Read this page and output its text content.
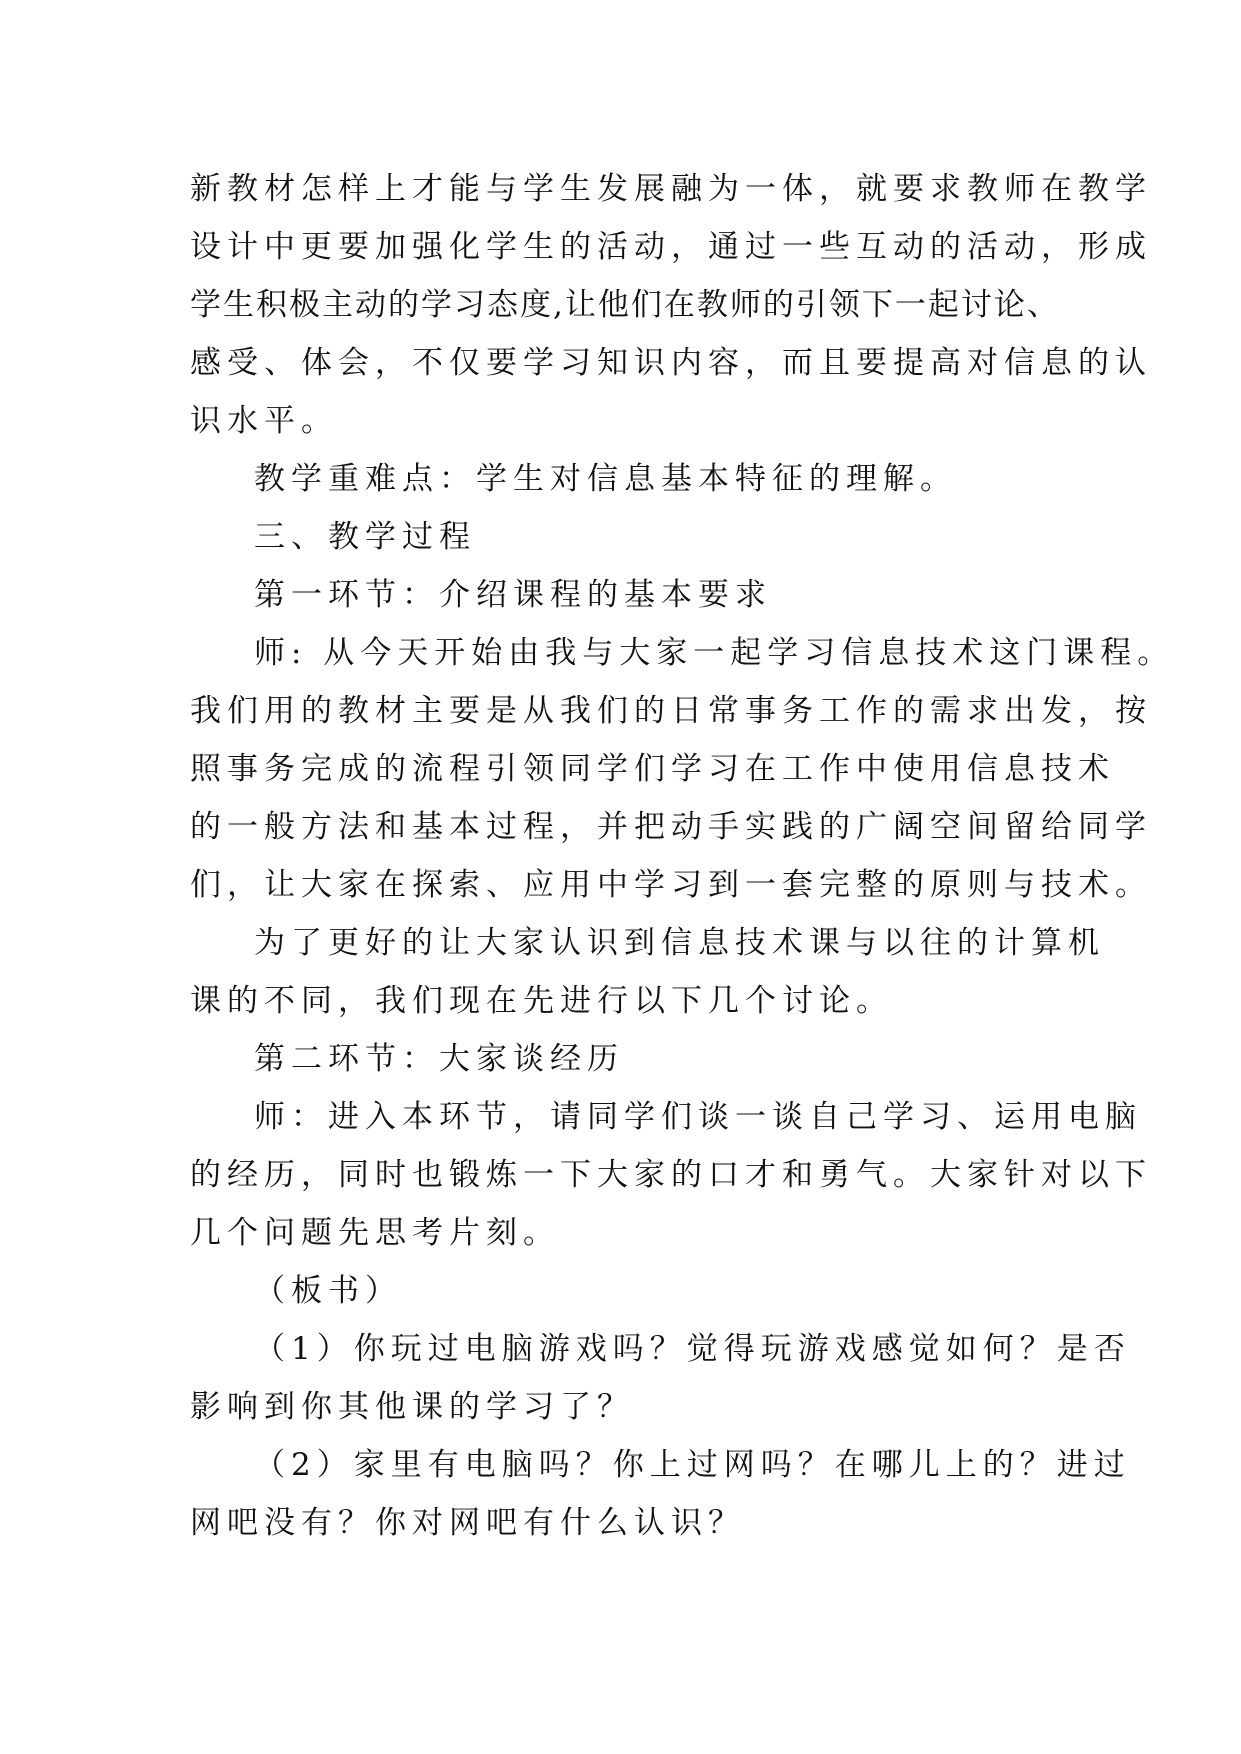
新教材怎样上才能与学生发展融为一体，就要求教师在教学
设计中更要加强化学生的活动，通过一些互动的活动，形成
学生积极主动的学习态度,让他们在教师的引领下一起讨论、
感受、体会，不仅要学习知识内容，而且要提高对信息的认
识水平。
教学重难点：学生对信息基本特征的理解。
三、教学过程
第一环节：介绍课程的基本要求
师: 从今天开始由我与大家一起学习信息技术这门课程。
我们用的教材主要是从我们的日常事务工作的需求出发，按
照事务完成的流程引领同学们学习在工作中使用信息技术
的一般方法和基本过程，并把动手实践的广阔空间留给同学
们，让大家在探索、应用中学习到一套完整的原则与技术。
为了更好的让大家认识到信息技术课与以往的计算机
课的不同，我们现在先进行以下几个讨论。
第二环节：大家谈经历
师：进入本环节，请同学们谈一谈自己学习、运用电脑
的经历，同时也锻炼一下大家的口才和勇气。大家针对以下
几个问题先思考片刻。
（板书）
（1）你玩过电脑游戏吗？觉得玩游戏感觉如何？是否
影响到你其他课的学习了？
（2）家里有电脑吗？你上过网吗？在哪儿上的？进过
网吧没有？你对网吧有什么认识？
